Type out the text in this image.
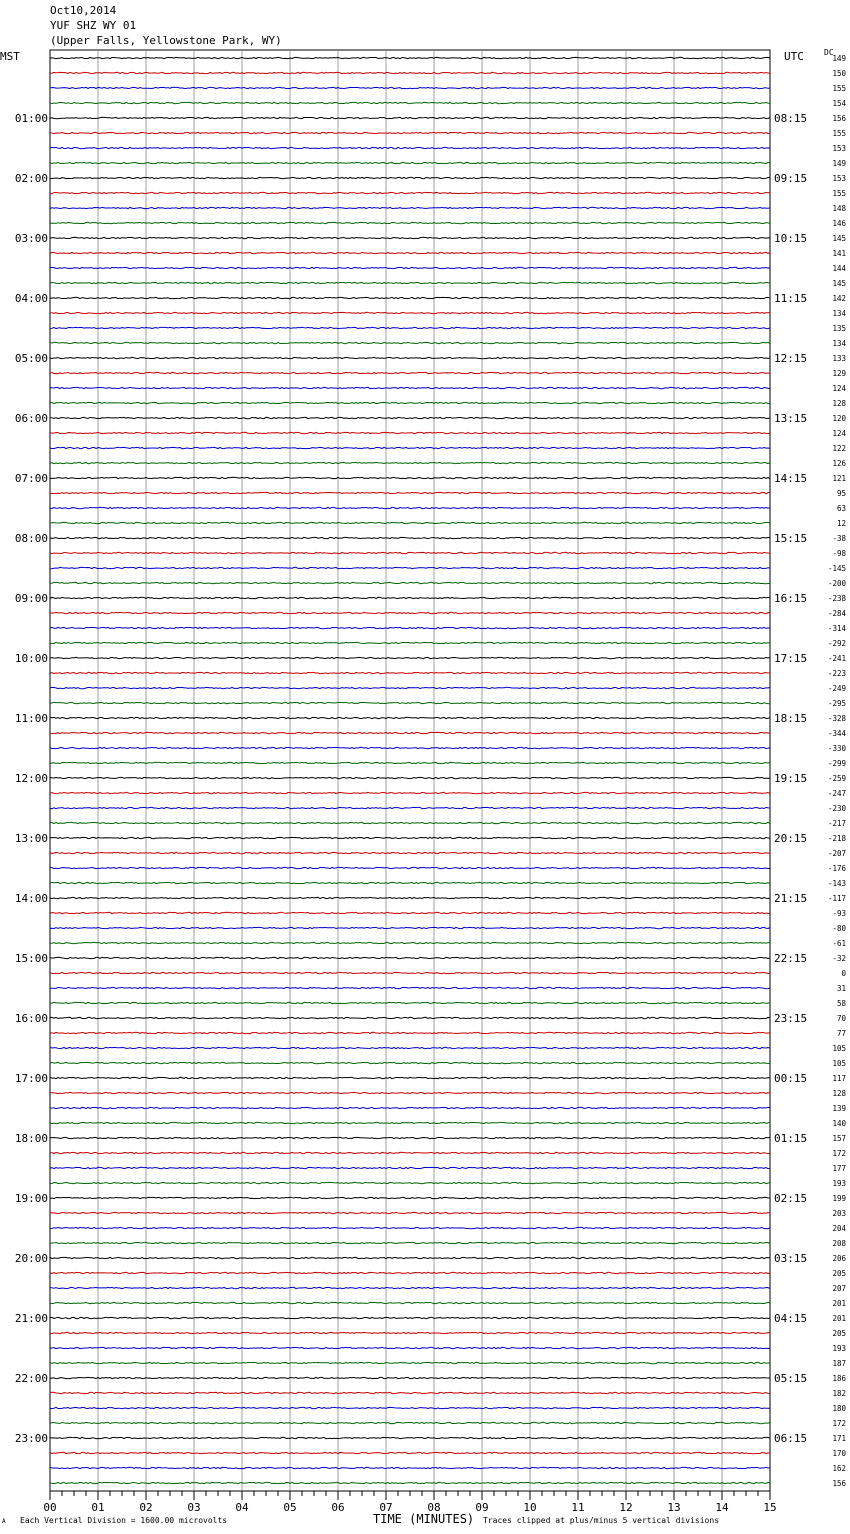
Oct10,2014
YUF SHZ WY 01
(Upper Falls, Yellowstone Park, WY)
MST	UTC	DC
149
150
155
154
156
155
153
149
153
155
148
146
145
141
144
145
142
134
135
134
133
129
124
128
120
124
122
126
121
95
63
12
-38
-98
-145
-200
-238
-284
-314
-292
-241
-223
-249
-295
-328
-344
-330
-299
-259
-247
-230
-217
-218
-207
-176
-143
-117
-93
-80
-61
-32
0
31
58
70
77
105
105
117
128
139
140
157
172
177
193
199
203
204
208
206
205
207
201
201
205
193
187
186
182
180
172
171
170
162
156
01:00
02:00
03:00
04:00
05:00
06:00
07:00
08:00
09:00
10:00
11:00
12:00
13:00
14:00
15:00
16:00
17:00
18:00
19:00
20:00
21:00
22:00
23:00
08:15
09:15
10:15
11:15
12:15
13:15
14:15
15:15
16:15
17:15
18:15
19:15
20:15
21:15
22:15
23:15
00:15
01:15
02:15
03:15
04:15
05:15
06:15
00	01	02	03	04	05	06	07	08	09	10	11	12	13	14	15
TIME (MINUTES)
Each Vertical Division = 1600.00 microvolts	Traces clipped at plus/minus 5 vertical divisions
A
